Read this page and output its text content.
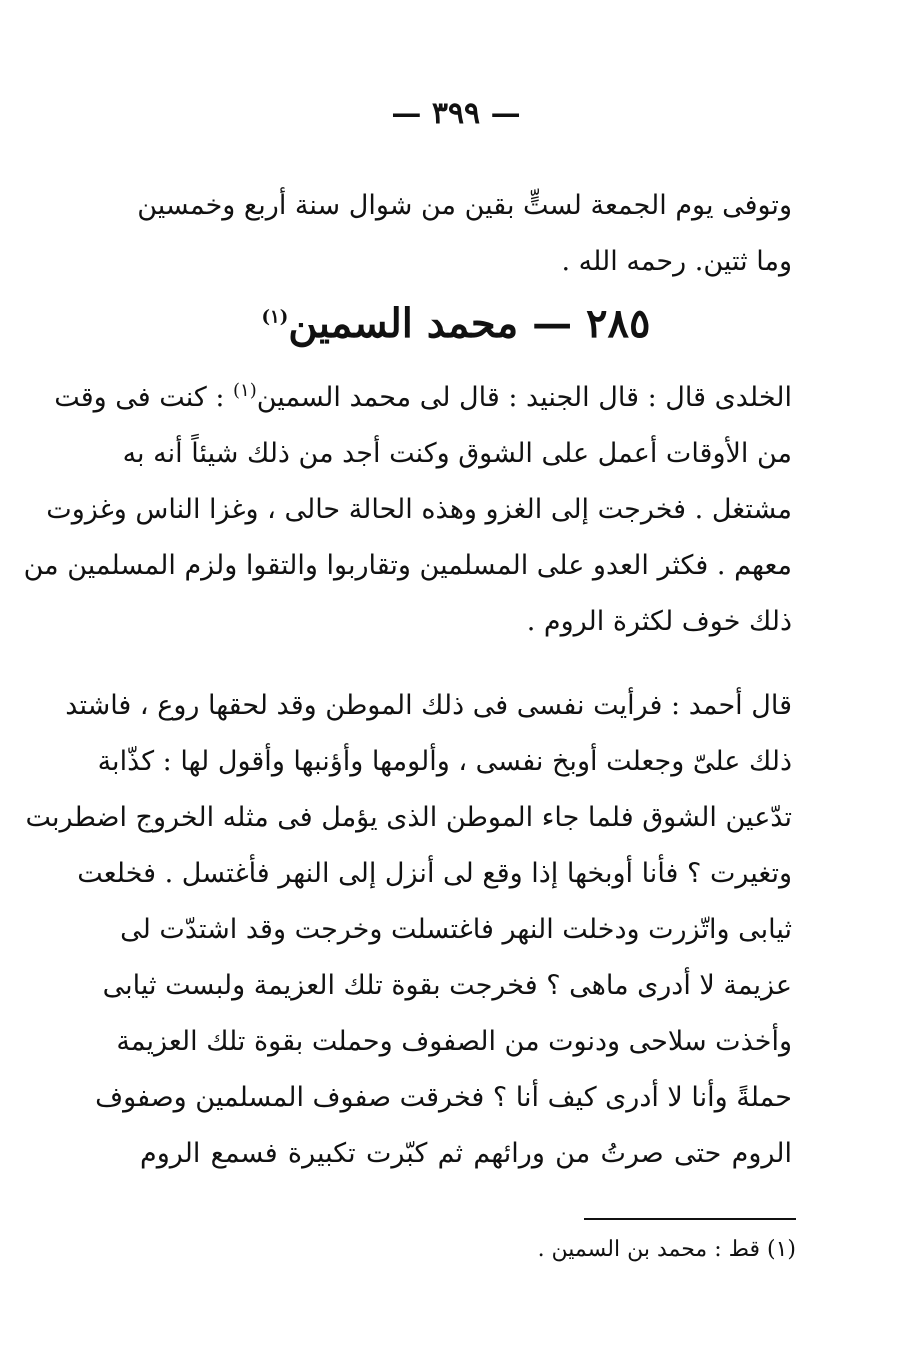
— ٣٩٩ —
وتوفى يوم الجمعة لستٍّ بقين من شوال سنة أربع وخمسين
وما ثتين. رحمه الله .
٢٨٥ — محمد السمين$^{(١)}$
الخلدى قال : قال الجنيد : قال لى محمد السمين$^{(١)}$ : كنت فى وقت
من الأوقات أعمل على الشوق وكنت أجد من ذلك شيئاً أنه به
مشتغل . فخرجت إلى الغزو وهذه الحالة حالى ، وغزا الناس وغزوت
معهم . فكثر العدو على المسلمين وتقاربوا والتقوا ولزم المسلمين من
ذلك خوف لكثرة الروم .
قال أحمد : فرأيت نفسى فى ذلك الموطن وقد لحقها روع ، فاشتد
ذلك علىّ وجعلت أوبخ نفسى ، وألومها وأؤنبها وأقول لها : كذّابة
تدّعين الشوق فلما جاء الموطن الذى يؤمل فى مثله الخروج اضطربت
وتغيرت ؟ فأنا أوبخها إذا وقع لى أنزل إلى النهر فأغتسل . فخلعت
ثيابى واتّزرت ودخلت النهر فاغتسلت وخرجت وقد اشتدّت لى
عزيمة لا أدرى ماهى ؟ فخرجت بقوة تلك العزيمة ولبست ثيابى
وأخذت سلاحى ودنوت من الصفوف وحملت بقوة تلك العزيمة
حملةً وأنا لا أدرى كيف أنا ؟ فخرقت صفوف المسلمين وصفوف
الروم حتى صرتُ من ورائهم ثم كبّرت تكبيرة فسمع الروم
(١) قط : محمد بن السمين .
